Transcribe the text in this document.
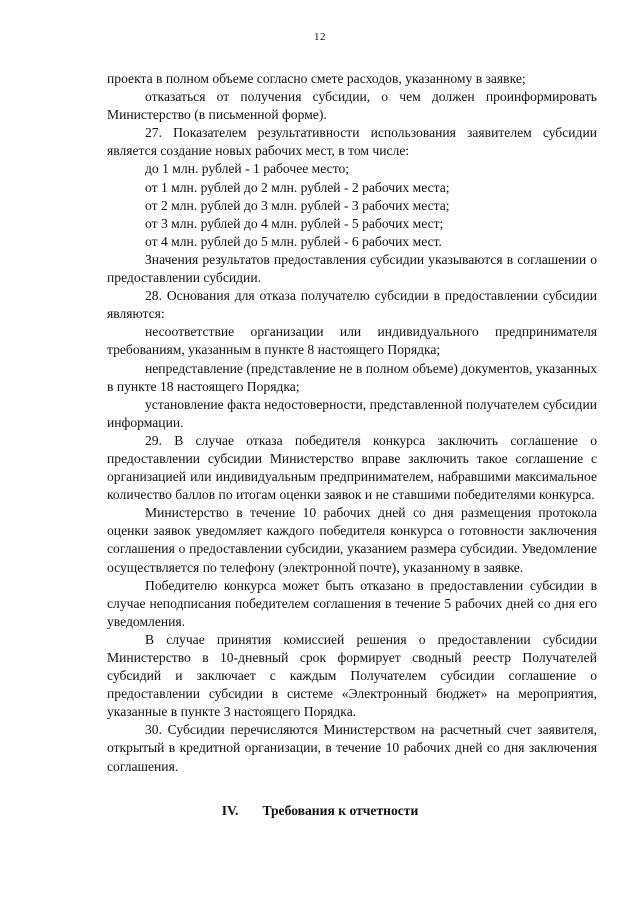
12

проекта в полном объеме согласно смете расходов, указанному в заявке;

отказаться от получения субсидии, о чем должен проинформировать Министерство (в письменной форме).

27. Показателем результативности использования заявителем субсидии является создание новых рабочих мест, в том числе:

до 1 млн. рублей - 1 рабочее место;

от 1 млн. рублей до 2 млн. рублей - 2 рабочих места;

от 2 млн. рублей до 3 млн. рублей - 3 рабочих места;

от 3 млн. рублей до 4 млн. рублей - 5 рабочих мест;

от 4 млн. рублей до 5 млн. рублей - 6 рабочих мест.

Значения результатов предоставления субсидии указываются в соглашении о предоставлении субсидии.

28. Основания для отказа получателю субсидии в предоставлении субсидии являются:

несоответствие организации или индивидуального предпринимателя требованиям, указанным в пункте 8 настоящего Порядка;

непредставление (представление не в полном объеме) документов, указанных в пункте 18 настоящего Порядка;

установление факта недостоверности, представленной получателем субсидии информации.

29. В случае отказа победителя конкурса заключить соглашение о предоставлении субсидии Министерство вправе заключить такое соглашение с организацией или индивидуальным предпринимателем, набравшими максимальное количество баллов по итогам оценки заявок и не ставшими победителями конкурса.

Министерство в течение 10 рабочих дней со дня размещения протокола оценки заявок уведомляет каждого победителя конкурса о готовности заключения соглашения о предоставлении субсидии, указанием размера субсидии. Уведомление осуществляется по телефону (электронной почте), указанному в заявке.

Победителю конкурса может быть отказано в предоставлении субсидии в случае неподписания победителем соглашения в течение 5 рабочих дней со дня его уведомления.

В случае принятия комиссией решения о предоставлении субсидии Министерство в 10-дневный срок формирует сводный реестр Получателей субсидий и заключает с каждым Получателем субсидии соглашение о предоставлении субсидии в системе «Электронный бюджет» на мероприятия, указанные в пункте 3 настоящего Порядка.

30. Субсидии перечисляются Министерством на расчетный счет заявителя, открытый в кредитной организации, в течение 10 рабочих дней со дня заключения соглашения.

IV. Требования к отчетности
